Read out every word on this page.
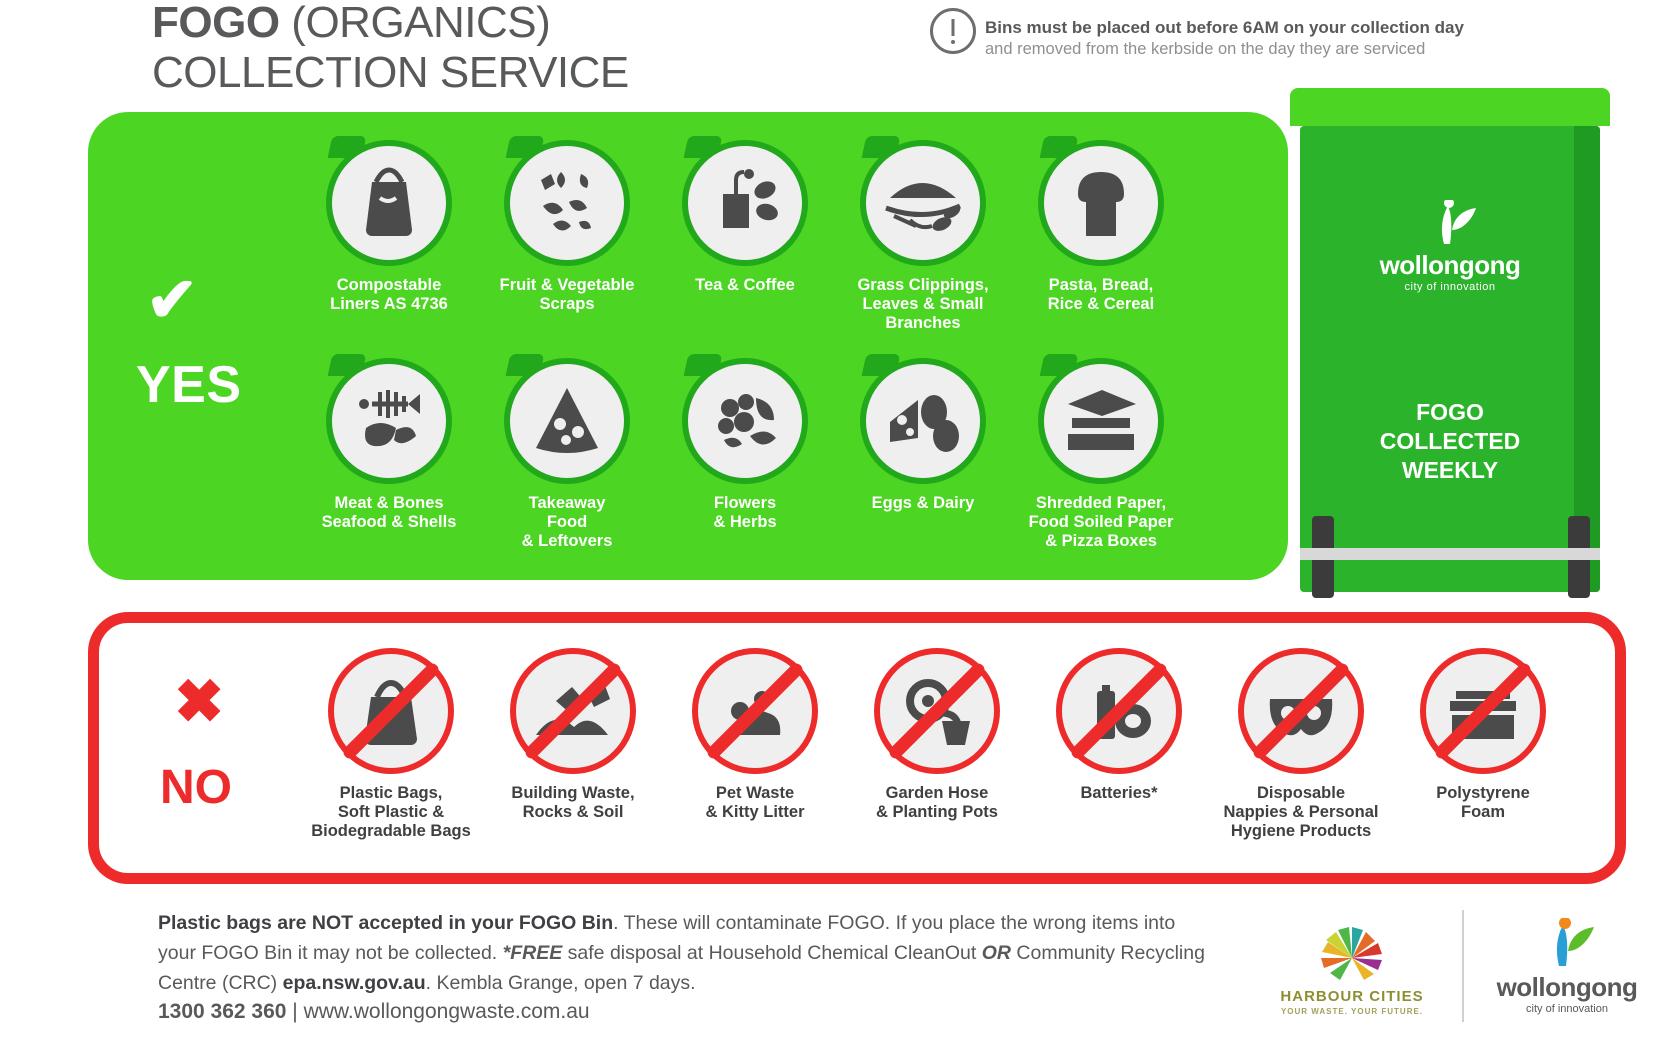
FOGO (ORGANICS)
COLLECTION SERVICE
Bins must be placed out before 6AM on your collection day
and removed from the kerbside on the day they are serviced
✔
YES
Compostable
Liners AS 4736
Fruit & Vegetable
Scraps
Tea & Coffee	Grass Clippings,
Leaves & Small
Branches
Pasta, Bread,
Rice & Cereal
Meat & Bones
Seafood & Shells
Takeaway
Food
& Leftovers
Flowers
& Herbs
Eggs & Dairy	Shredded Paper,
Food Soiled Paper
& Pizza Boxes
wollongong
city of innovation
FOGO
COLLECTED
WEEKLY
✖
NO	Plastic Bags,
Soft Plastic &
Biodegradable Bags
Building Waste,
Rocks & Soil
Pet Waste
& Kitty Litter
Garden Hose
& Planting Pots
Batteries*	Disposable
Nappies & Personal
Hygiene Products
Polystyrene
Foam
Plastic bags are NOT accepted in your FOGO Bin. These will contaminate FOGO. If you place the wrong items into your FOGO Bin it may not be collected. *FREE safe disposal at Household Chemical CleanOut OR Community Recycling Centre (CRC) epa.nsw.gov.au. Kembla Grange, open 7 days.
1300 362 360 | www.wollongongwaste.com.au
HARBOUR CITIES
YOUR WASTE. YOUR FUTURE.
wollongong
city of innovation
